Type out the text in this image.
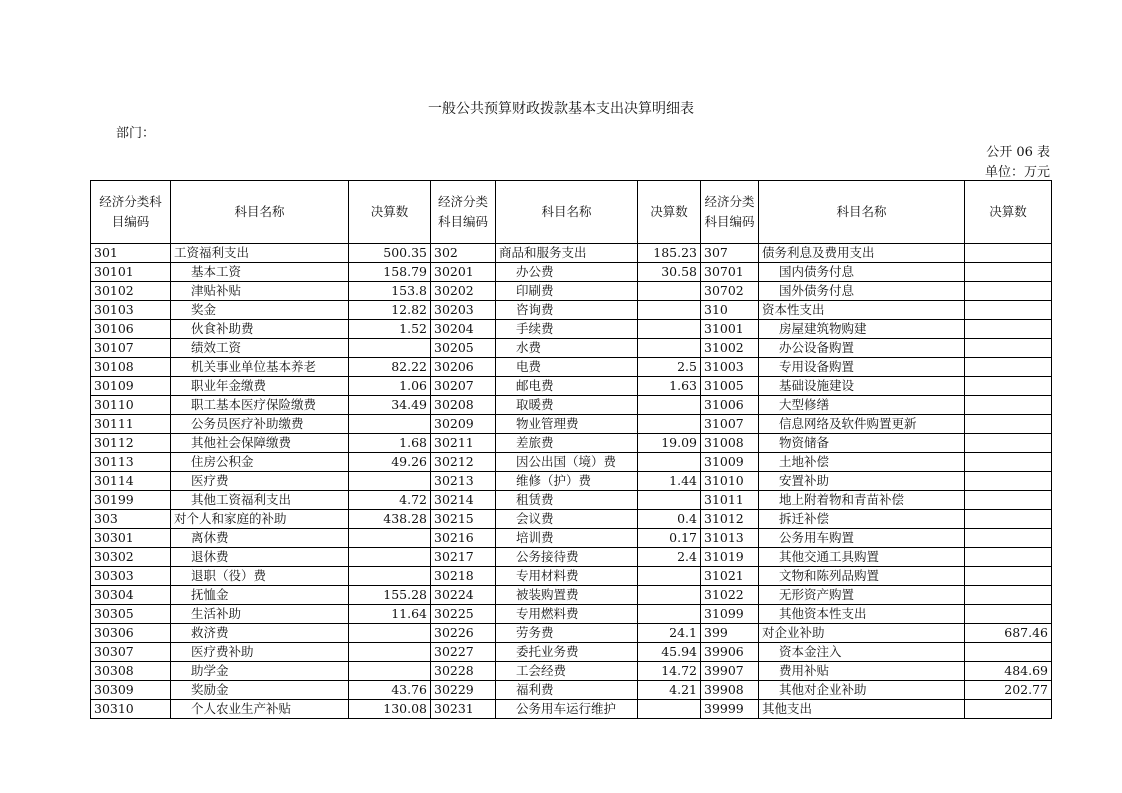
一般公共预算财政拨款基本支出决算明细表
部门：
公开 06 表
单位：万元
经济分类科目编码	科目名称	决算数	经济分类科目编码	科目名称	决算数	经济分类科目编码	科目名称	决算数
301	工资福利支出	500.35	302	商品和服务支出	185.23	307	债务利息及费用支出	
30101	基本工资	158.79	30201	办公费	30.58	30701	国内债务付息	
30102	津贴补贴	153.8	30202	印刷费		30702	国外债务付息	
30103	奖金	12.82	30203	咨询费		310	资本性支出	
30106	伙食补助费	1.52	30204	手续费		31001	房屋建筑物购建	
30107	绩效工资		30205	水费		31002	办公设备购置	
30108	机关事业单位基本养老	82.22	30206	电费	2.5	31003	专用设备购置	
30109	职业年金缴费	1.06	30207	邮电费	1.63	31005	基础设施建设	
30110	职工基本医疗保险缴费	34.49	30208	取暖费		31006	大型修缮	
30111	公务员医疗补助缴费		30209	物业管理费		31007	信息网络及软件购置更新	
30112	其他社会保障缴费	1.68	30211	差旅费	19.09	31008	物资储备	
30113	住房公积金	49.26	30212	因公出国（境）费		31009	土地补偿	
30114	医疗费		30213	维修（护）费	1.44	31010	安置补助	
30199	其他工资福利支出	4.72	30214	租赁费		31011	地上附着物和青苗补偿	
303	对个人和家庭的补助	438.28	30215	会议费	0.4	31012	拆迁补偿	
30301	离休费		30216	培训费	0.17	31013	公务用车购置	
30302	退休费		30217	公务接待费	2.4	31019	其他交通工具购置	
30303	退职（役）费		30218	专用材料费		31021	文物和陈列品购置	
30304	抚恤金	155.28	30224	被装购置费		31022	无形资产购置	
30305	生活补助	11.64	30225	专用燃料费		31099	其他资本性支出	
30306	救济费		30226	劳务费	24.1	399	对企业补助	687.46
30307	医疗费补助		30227	委托业务费	45.94	39906	资本金注入	
30308	助学金		30228	工会经费	14.72	39907	费用补贴	484.69
30309	奖励金	43.76	30229	福利费	4.21	39908	其他对企业补助	202.77
30310	个人农业生产补贴	130.08	30231	公务用车运行维护		39999	其他支出	
